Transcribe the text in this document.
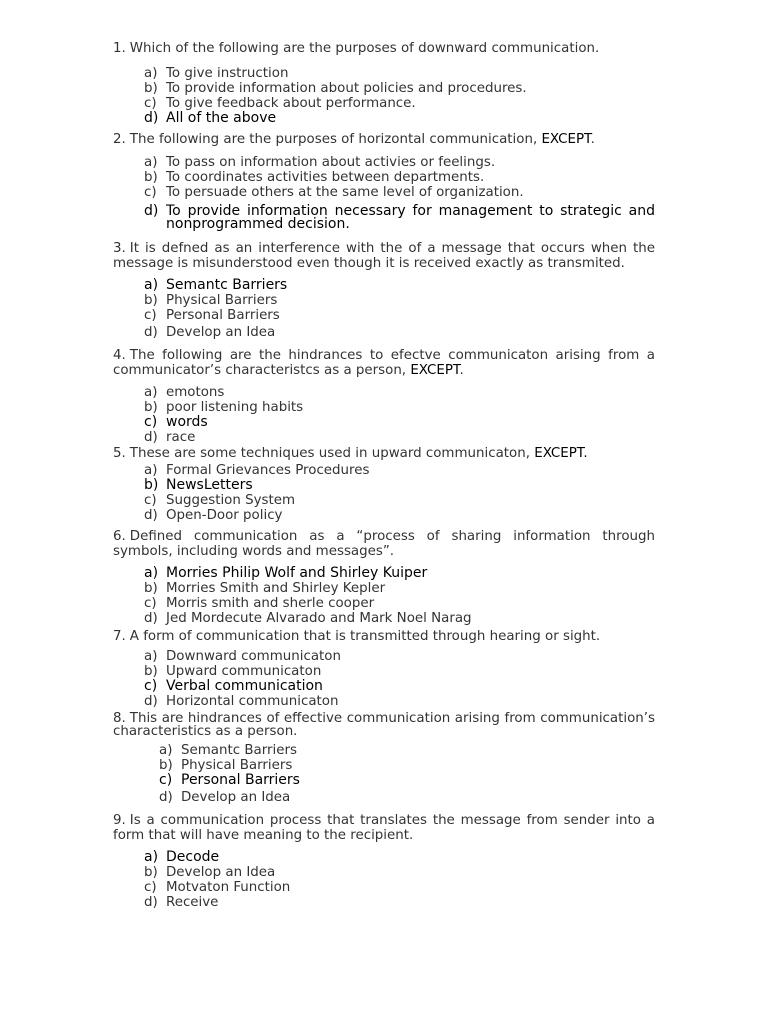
1. Which of the following are the purposes of downward communication.
a) To give instruction
b) To provide information about policies and procedures.
c) To give feedback about performance.
d) All of the above
2. The following are the purposes of horizontal communication, EXCEPT.
a) To pass on information about activies or feelings.
b) To coordinates activities between departments.
c) To persuade others at the same level of organization.
d) To provide information necessary for management to strategic and nonprogrammed decision.
3. It is defned as an interference with the of a message that occurs when the message is misunderstood even though it is received exactly as transmited.
a) Semantc Barriers
b) Physical Barriers
c) Personal Barriers
d) Develop an Idea
4. The following are the hindrances to efectve communicaton arising from a communicator’s characteristcs as a person, EXCEPT.
a) emotons
b) poor listening habits
c) words
d) race
5. These are some techniques used in upward communicaton, EXCEPT.
a) Formal Grievances Procedures
b) NewsLetters
c) Suggestion System
d) Open-Door policy
6. Defined communication as a “process of sharing information through symbols, including words and messages”.
a) Morries Philip Wolf and Shirley Kuiper
b) Morries Smith and Shirley Kepler
c) Morris smith and sherle cooper
d) Jed Mordecute Alvarado and Mark Noel Narag
7. A form of communication that is transmitted through hearing or sight.
a) Downward communicaton
b) Upward communicaton
c) Verbal communication
d) Horizontal communicaton
8. This are hindrances of effective communication arising from communication’s characteristics as a person.
a) Semantc Barriers
b) Physical Barriers
c) Personal Barriers
d) Develop an Idea
9. Is a communication process that translates the message from sender into a form that will have meaning to the recipient.
a) Decode
b) Develop an Idea
c) Motvaton Function
d) Receive
